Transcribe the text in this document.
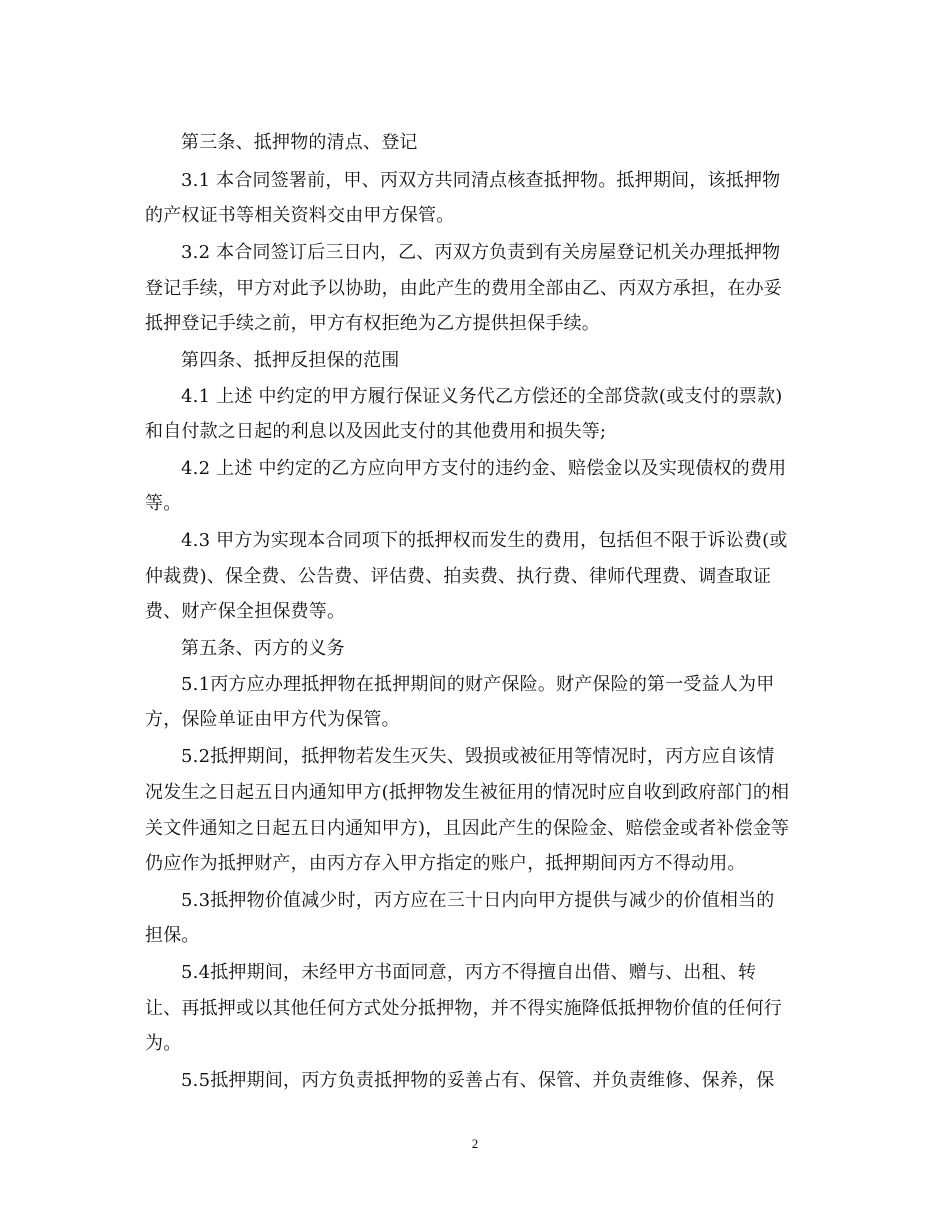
第三条、抵押物的清点、登记
3.1 本合同签署前，甲、丙双方共同清点核查抵押物。抵押期间，该抵押物
的产权证书等相关资料交由甲方保管。
3.2 本合同签订后三日内，乙、丙双方负责到有关房屋登记机关办理抵押物
登记手续，甲方对此予以协助，由此产生的费用全部由乙、丙双方承担，在办妥
抵押登记手续之前，甲方有权拒绝为乙方提供担保手续。
第四条、抵押反担保的范围
4.1 上述 中约定的甲方履行保证义务代乙方偿还的全部贷款(或支付的票款)
和自付款之日起的利息以及因此支付的其他费用和损失等;
4.2 上述 中约定的乙方应向甲方支付的违约金、赔偿金以及实现债权的费用
等。
4.3 甲方为实现本合同项下的抵押权而发生的费用，包括但不限于诉讼费(或
仲裁费)、保全费、公告费、评估费、拍卖费、执行费、律师代理费、调查取证
费、财产保全担保费等。
第五条、丙方的义务
5.1丙方应办理抵押物在抵押期间的财产保险。财产保险的第一受益人为甲
方，保险单证由甲方代为保管。
5.2抵押期间，抵押物若发生灭失、毁损或被征用等情况时，丙方应自该情
况发生之日起五日内通知甲方(抵押物发生被征用的情况时应自收到政府部门的相
关文件通知之日起五日内通知甲方)，且因此产生的保险金、赔偿金或者补偿金等
仍应作为抵押财产，由丙方存入甲方指定的账户，抵押期间丙方不得动用。
5.3抵押物价值减少时，丙方应在三十日内向甲方提供与减少的价值相当的
担保。
5.4抵押期间，未经甲方书面同意，丙方不得擅自出借、赠与、出租、转
让、再抵押或以其他任何方式处分抵押物，并不得实施降低抵押物价值的任何行
为。
5.5抵押期间，丙方负责抵押物的妥善占有、保管、并负责维修、保养，保
2
